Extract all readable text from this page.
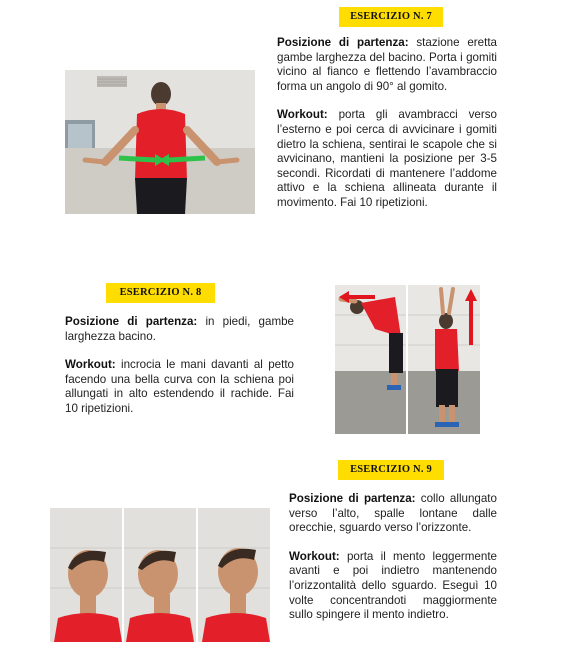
ESERCIZIO N. 7

Posizione di partenza: stazione eretta gambe larghezza del bacino. Porta i gomiti vicino al fianco e flettendo l’avambraccio forma un angolo di 90° al gomito.

Workout: porta gli avambracci verso l’esterno e poi cerca di avvicinare i gomiti dietro la schiena, sentirai le scapole che si avvicinano, mantieni la posizione per 3-5 secondi. Ricordati di mantenere l’addome attivo e la schiena allineata durante il movimento. Fai 10 ripetizioni.

ESERCIZIO N. 8

Posizione di partenza: in piedi, gambe larghezza bacino.

Workout: incrocia le mani davanti al petto facendo una bella curva con la schiena poi allungati in alto estendendo il rachide. Fai 10 ripetizioni.

ESERCIZIO N. 9

Posizione di partenza: collo allungato verso l’alto, spalle lontane dalle orecchie, sguardo verso l’orizzonte.

Workout: porta il mento leggermente avanti e poi indietro mantenendo l’orizzontalità dello sguardo. Eseguì 10 volte concentrandoti maggiormente sullo spingere il mento indietro.
